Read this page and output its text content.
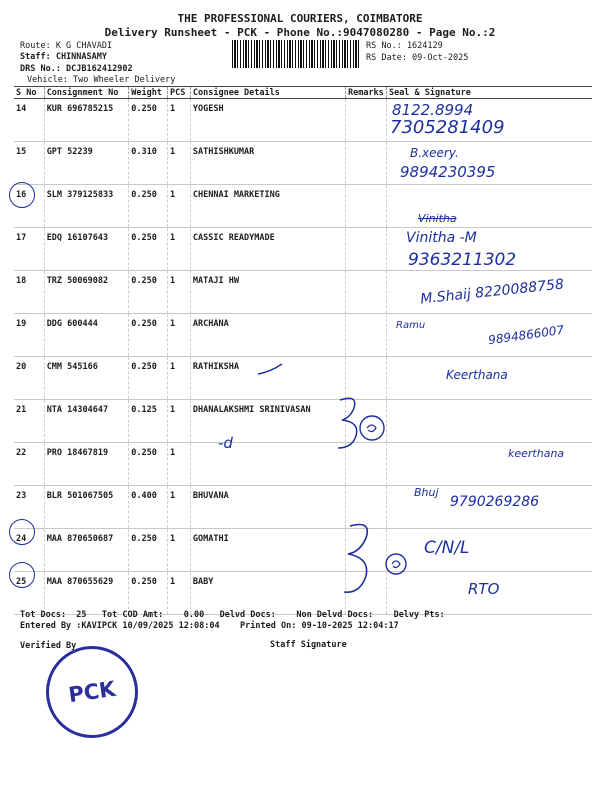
THE PROFESSIONAL COURIERS, COIMBATORE
Delivery Runsheet - PCK - Phone No.:9047080280 - Page No.:2
Route: K G CHAVADI
Staff: CHINNASAMY
DRS No.: DCJB162412902
Vehicle: Two Wheeler Delivery
RS No.: 1624129
RS Date: 09-Oct-2025
S No	Consignment No	Weight	PCS	Consignee Details	Remarks	Seal & Signature
14	KUR 696785215	0.250	1	YOGESH		
15	GPT 52239	0.310	1	SATHISHKUMAR		
16	SLM 379125833	0.250	1	CHENNAI MARKETING		
17	EDQ 16107643	0.250	1	CASSIC READYMADE		
18	TRZ 50069082	0.250	1	MATAJI HW		
19	DDG 600444	0.250	1	ARCHANA		
20	CMM 545166	0.250	1	RATHIKSHA		
21	NTA 14304647	0.125	1	DHANALAKSHMI SRINIVASAN		
22	PRO 18467819	0.250	1			
23	BLR 501067505	0.400	1	BHUVANA		
24	MAA 870650687	0.250	1	GOMATHI		
25	MAA 870655629	0.250	1	BABY		
8122.8994
7305281409
B.xeery.
9894230395
Vinitha
Vinitha -M
9363211302
M.Shaij 8220088758
Ramu	9894866007
Keerthana
-d
keerthana
Bhuj
9790269286
C/N/L
RTO
Tot Docs:  25   Tot COD Amt:    0.00   Delvd Docs:    Non Delvd Docs:    Delvy Pts:
Entered By :KAVIPCK 10/09/2025 12:08:04    Printed On: 09-10-2025 12:04:17
Verified By	Staff Signature
PCK
